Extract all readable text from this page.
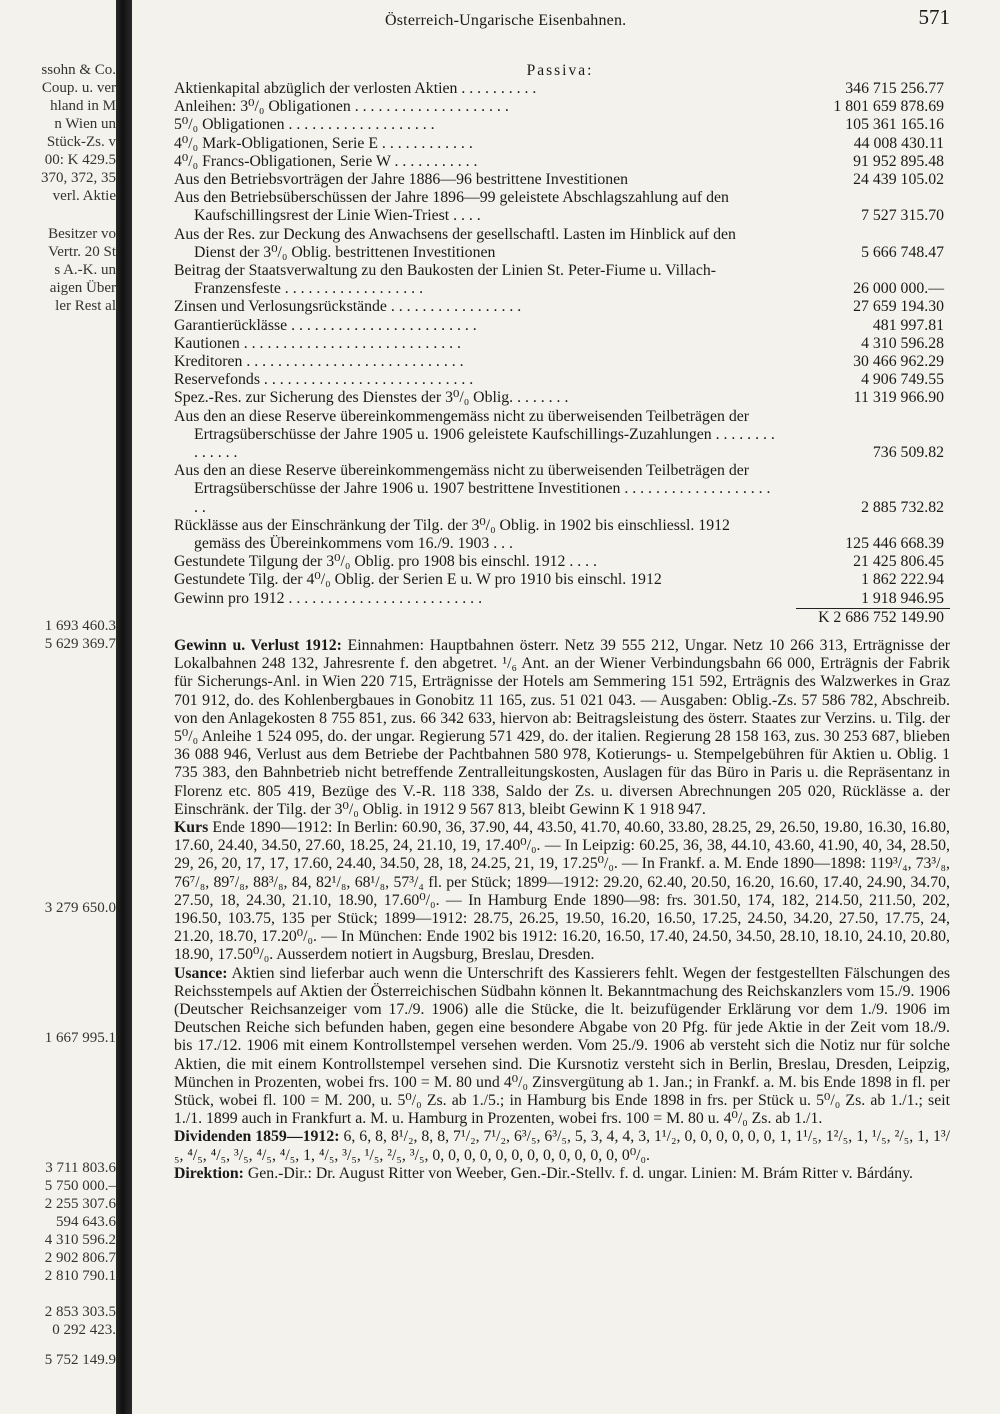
ssohn & Co.
Coup. u. ver
hland in M
n Wien un
Stück-Zs. v
00: K 429.5
370, 372, 35
verl. Aktie
Besitzer vo
Vertr. 20 St
s A.-K. un
aigen Über
ler Rest al
1 693 460.3
5 629 369.7
3 279 650.0
1 667 995.1
3 711 803.6
5 750 000.–
2 255 307.6
594 643.6
4 310 596.2
2 902 806.7
2 810 790.1
2 853 303.5
0 292 423.
5 752 149.9
Österreich-Ungarische Eisenbahnen.	571
Passiva:
Aktienkapital abzüglich der verlosten Aktien . . . . . . . . . .	346 715 256.77
Anleihen: 3⁰/₀ Obligationen . . . . . . . . . . . . . . . . . . . .	1 801 659 878.69
5⁰/₀ Obligationen . . . . . . . . . . . . . . . . . . .	105 361 165.16
4⁰/₀ Mark-Obligationen, Serie E . . . . . . . . . . . .	44 008 430.11
4⁰/₀ Francs-Obligationen, Serie W . . . . . . . . . . .	91 952 895.48
Aus den Betriebsvorträgen der Jahre 1886—96 bestrittene Investitionen	24 439 105.02
Aus den Betriebsüberschüssen der Jahre 1896—99 geleistete Abschlagszahlung auf den Kaufschillingsrest der Linie Wien-Triest . . . .	7 527 315.70
Aus der Res. zur Deckung des Anwachsens der gesellschaftl. Lasten im Hinblick auf den Dienst der 3⁰/₀ Oblig. bestrittenen Investitionen	5 666 748.47
Beitrag der Staatsverwaltung zu den Baukosten der Linien St. Peter-Fiume u. Villach-Franzensfeste . . . . . . . . . . . . . . . . . .	26 000 000.—
Zinsen und Verlosungsrückstände . . . . . . . . . . . . . . . . .	27 659 194.30
Garantierücklässe . . . . . . . . . . . . . . . . . . . . . . . .	481 997.81
Kautionen . . . . . . . . . . . . . . . . . . . . . . . . . . . .	4 310 596.28
Kreditoren . . . . . . . . . . . . . . . . . . . . . . . . . . . .	30 466 962.29
Reservefonds . . . . . . . . . . . . . . . . . . . . . . . . . . .	4 906 749.55
Spez.-Res. zur Sicherung des Dienstes der 3⁰/₀ Oblig. . . . . . . .	11 319 966.90
Aus den an diese Reserve übereinkommengemäss nicht zu überweisenden Teilbeträgen der Ertragsüberschüsse der Jahre 1905 u. 1906 geleistete Kaufschillings-Zuzahlungen . . . . . . . . . . . . . .	736 509.82
Aus den an diese Reserve übereinkommengemäss nicht zu überweisenden Teilbeträgen der Ertragsüberschüsse der Jahre 1906 u. 1907 bestrittene Investitionen . . . . . . . . . . . . . . . . . . . . .	2 885 732.82
Rücklässe aus der Einschränkung der Tilg. der 3⁰/₀ Oblig. in 1902 bis einschliessl. 1912 gemäss des Übereinkommens vom 16./9. 1903 . . .	125 446 668.39
Gestundete Tilgung der 3⁰/₀ Oblig. pro 1908 bis einschl. 1912 . . . .	21 425 806.45
Gestundete Tilg. der 4⁰/₀ Oblig. der Serien E u. W pro 1910 bis einschl. 1912	1 862 222.94
Gewinn pro 1912 . . . . . . . . . . . . . . . . . . . . . . . . .	1 918 946.95
K 2 686 752 149.90

Gewinn u. Verlust 1912: Einnahmen: Hauptbahnen österr. Netz 39 555 212, Ungar. Netz 10 266 313, Erträgnisse der Lokalbahnen 248 132, Jahresrente f. den abgetret. ¹/₆ Ant. an der Wiener Verbindungsbahn 66 000, Erträgnis der Fabrik für Sicherungs-Anl. in Wien 220 715, Erträgnisse der Hotels am Semmering 151 592, Erträgnis des Walzwerkes in Graz 701 912, do. des Kohlenbergbaues in Gonobitz 11 165, zus. 51 021 043. — Ausgaben: Oblig.-Zs. 57 586 782, Abschreib. von den Anlagekosten 8 755 851, zus. 66 342 633, hiervon ab: Beitragsleistung des österr. Staates zur Verzins. u. Tilg. der 5⁰/₀ Anleihe 1 524 095, do. der ungar. Regierung 571 429, do. der italien. Regierung 28 158 163, zus. 30 253 687, blieben 36 088 946, Verlust aus dem Betriebe der Pachtbahnen 580 978, Kotierungs- u. Stempelgebühren für Aktien u. Oblig. 1 735 383, den Bahnbetrieb nicht betreffende Zentralleitungskosten, Auslagen für das Büro in Paris u. die Repräsentanz in Florenz etc. 805 419, Bezüge des V.-R. 118 338, Saldo der Zs. u. diversen Abrechnungen 205 020, Rücklässe a. der Einschränk. der Tilg. der 3⁰/₀ Oblig. in 1912 9 567 813, bleibt Gewinn K 1 918 947.

Kurs Ende 1890—1912: In Berlin: 60.90, 36, 37.90, 44, 43.50, 41.70, 40.60, 33.80, 28.25, 29, 26.50, 19.80, 16.30, 16.80, 17.60, 24.40, 34.50, 27.60, 18.25, 24, 21.10, 19, 17.40⁰/₀. — In Leipzig: 60.25, 36, 38, 44.10, 43.60, 41.90, 40, 34, 28.50, 29, 26, 20, 17, 17, 17.60, 24.40, 34.50, 28, 18, 24.25, 21, 19, 17.25⁰/₀. — In Frankf. a. M. Ende 1890—1898: 119³/₄, 73³/₈, 76⁷/₈, 89⁷/₈, 88³/₈, 84, 82¹/₈, 68¹/₈, 57³/₄ fl. per Stück; 1899—1912: 29.20, 62.40, 20.50, 16.20, 16.60, 17.40, 24.90, 34.70, 27.50, 18, 24.30, 21.10, 18.90, 17.60⁰/₀. — In Hamburg Ende 1890—98: frs. 301.50, 174, 182, 214.50, 211.50, 202, 196.50, 103.75, 135 per Stück; 1899—1912: 28.75, 26.25, 19.50, 16.20, 16.50, 17.25, 24.50, 34.20, 27.50, 17.75, 24, 21.20, 18.70, 17.20⁰/₀. — In München: Ende 1902 bis 1912: 16.20, 16.50, 17.40, 24.50, 34.50, 28.10, 18.10, 24.10, 20.80, 18.90, 17.50⁰/₀. Ausserdem notiert in Augsburg, Breslau, Dresden.

Usance: Aktien sind lieferbar auch wenn die Unterschrift des Kassierers fehlt. Wegen der festgestellten Fälschungen des Reichsstempels auf Aktien der Österreichischen Südbahn können lt. Bekanntmachung des Reichskanzlers vom 15./9. 1906 (Deutscher Reichsanzeiger vom 17./9. 1906) alle die Stücke, die lt. beizufügender Erklärung vor dem 1./9. 1906 im Deutschen Reiche sich befunden haben, gegen eine besondere Abgabe von 20 Pfg. für jede Aktie in der Zeit vom 18./9. bis 17./12. 1906 mit einem Kontrollstempel versehen werden. Vom 25./9. 1906 ab versteht sich die Notiz nur für solche Aktien, die mit einem Kontrollstempel versehen sind. Die Kursnotiz versteht sich in Berlin, Breslau, Dresden, Leipzig, München in Prozenten, wobei frs. 100 = M. 80 und 4⁰/₀ Zinsvergütung ab 1. Jan.; in Frankf. a. M. bis Ende 1898 in fl. per Stück, wobei fl. 100 = M. 200, u. 5⁰/₀ Zs. ab 1./5.; in Hamburg bis Ende 1898 in frs. per Stück u. 5⁰/₀ Zs. ab 1./1.; seit 1./1. 1899 auch in Frankfurt a. M. u. Hamburg in Prozenten, wobei frs. 100 = M. 80 u. 4⁰/₀ Zs. ab 1./1.

Dividenden 1859—1912: 6, 6, 8, 8¹/₂, 8, 8, 7¹/₂, 7¹/₂, 6³/₅, 6³/₅, 5, 3, 4, 4, 3, 1¹/₂, 0, 0, 0, 0, 0, 0, 1, 1¹/₅, 1²/₅, 1, ¹/₅, ²/₅, 1, 1³/₅, ⁴/₅, ⁴/₅, ³/₅, ⁴/₅, ⁴/₅, 1, ⁴/₅, ³/₅, ¹/₅, ²/₅, ³/₅, 0, 0, 0, 0, 0, 0, 0, 0, 0, 0, 0, 0, 0⁰/₀.

Direktion: Gen.-Dir.: Dr. August Ritter von Weeber, Gen.-Dir.-Stellv. f. d. ungar. Linien: M. Brám Ritter v. Bárdány.
